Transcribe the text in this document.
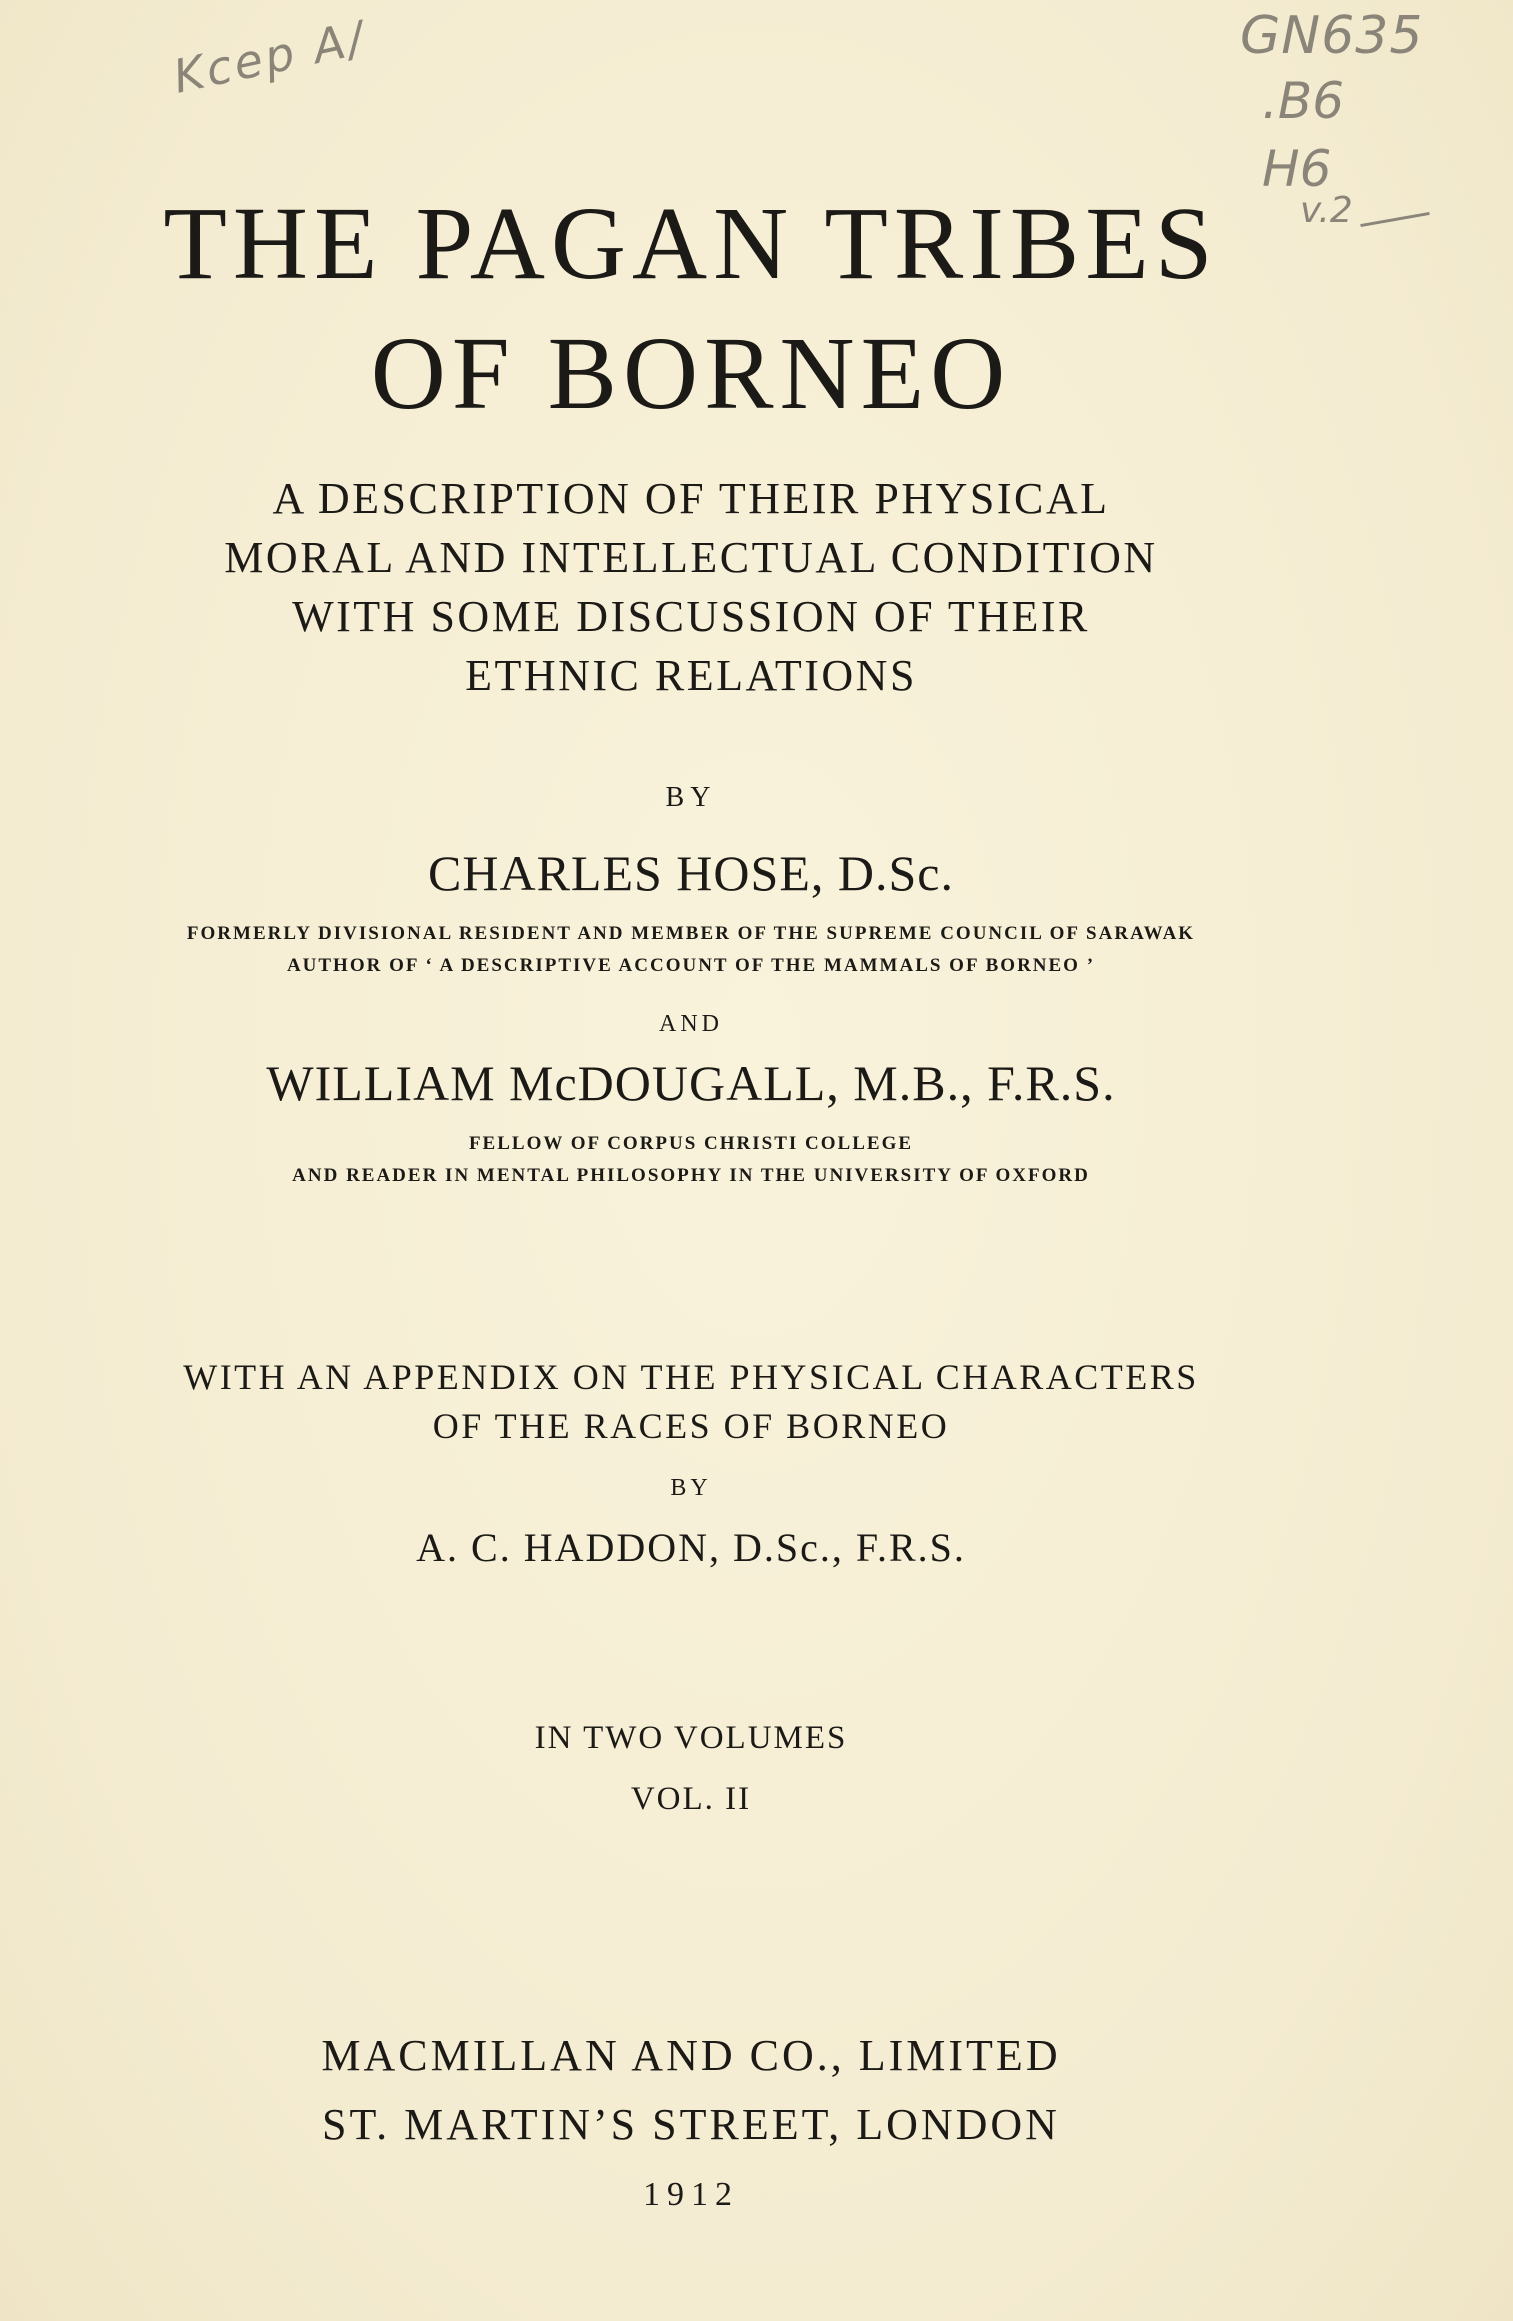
Kcep A/	GN635
.B6
H6
v.2
THE PAGAN TRIBES
OF BORNEO
A DESCRIPTION OF THEIR PHYSICAL
MORAL AND INTELLECTUAL CONDITION
WITH SOME DISCUSSION OF THEIR
ETHNIC RELATIONS
BY
CHARLES HOSE, D.Sc.
FORMERLY DIVISIONAL RESIDENT AND MEMBER OF THE SUPREME COUNCIL OF SARAWAK
AUTHOR OF ‘ A DESCRIPTIVE ACCOUNT OF THE MAMMALS OF BORNEO ’
AND
WILLIAM McDOUGALL, M.B., F.R.S.
FELLOW OF CORPUS CHRISTI COLLEGE
AND READER IN MENTAL PHILOSOPHY IN THE UNIVERSITY OF OXFORD
WITH AN APPENDIX ON THE PHYSICAL CHARACTERS
OF THE RACES OF BORNEO
BY
A. C. HADDON, D.Sc., F.R.S.
IN TWO VOLUMES
VOL. II
MACMILLAN AND CO., LIMITED
ST. MARTIN’S STREET, LONDON
1912
